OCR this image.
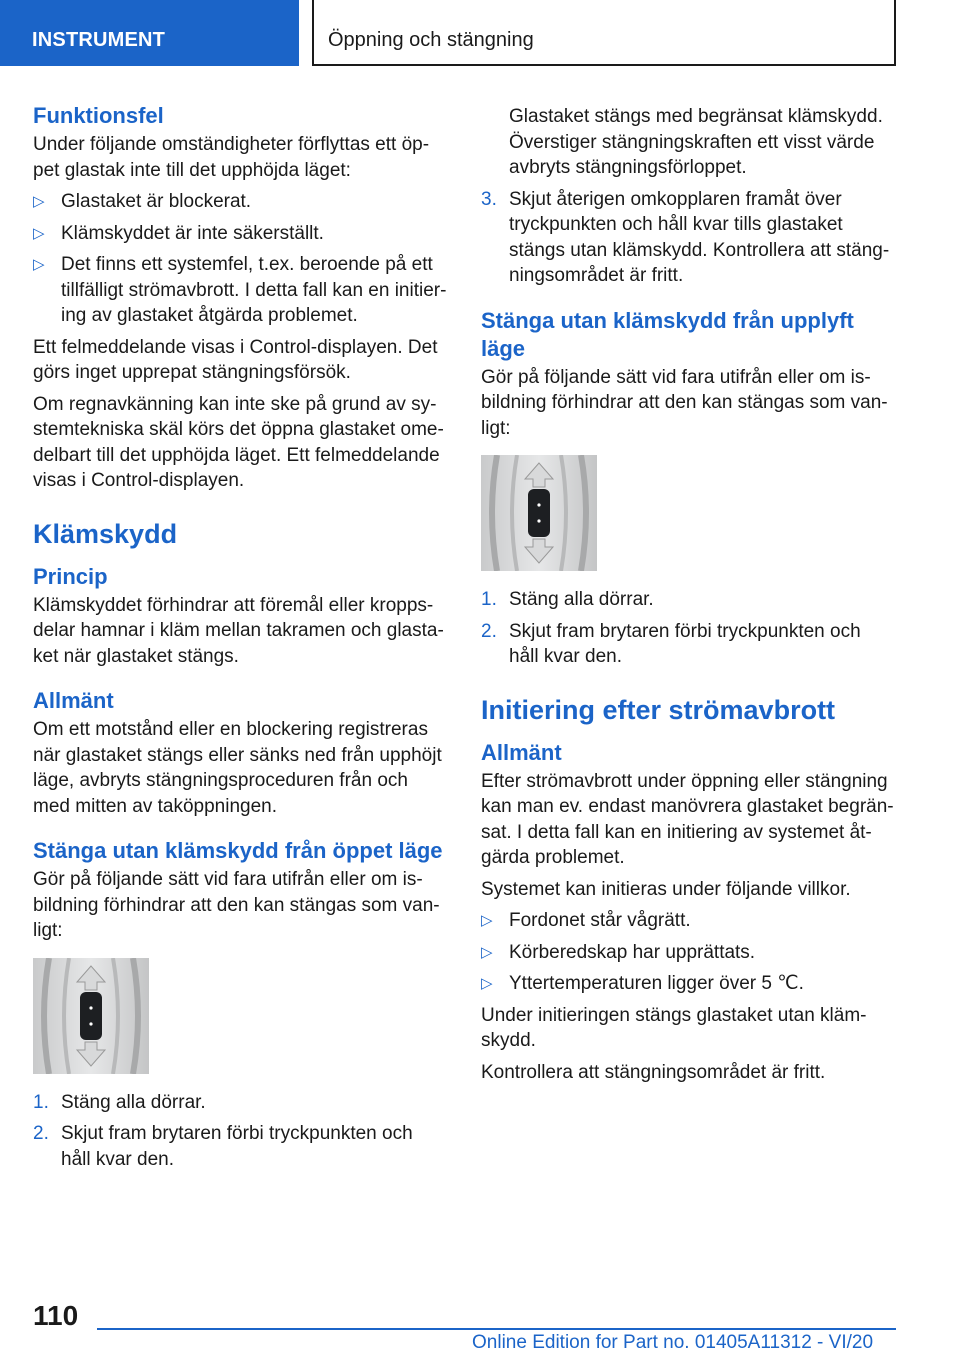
INSTRUMENT	Öppning och stängning
Funktionsfel

Under följande omständigheter förflyttas ett öp-pet glastak inte till det upphöjda läget:

▷ Glastaket är blockerat.
▷ Klämskyddet är inte säkerställt.
▷ Det finns ett systemfel, t.ex. beroende på ett tillfälligt strömavbrott. I detta fall kan en initier-ing av glastaket åtgärda problemet.

Ett felmeddelande visas i Control-displayen. Det görs inget upprepat stängningsförsök.

Om regnavkänning kan inte ske på grund av sy-stemtekniska skäl körs det öppna glastaket ome-delbart till det upphöjda läget. Ett felmeddelande visas i Control-displayen.

Klämskydd
Princip

Klämskyddet förhindrar att föremål eller kropps-delar hamnar i kläm mellan takramen och glasta-ket när glastaket stängs.

Allmänt

Om ett motstånd eller en blockering registreras när glastaket stängs eller sänks ned från upphöjt läge, avbryts stängningsproceduren från och med mitten av taköppningen.

Stänga utan klämskydd från öppet läge

Gör på följande sätt vid fara utifrån eller om is-bildning förhindrar att den kan stängas som van-ligt:

1. Stäng alla dörrar.
2. Skjut fram brytaren förbi tryckpunkten och håll kvar den.
Glastaket stängs med begränsat klämskydd. Överstiger stängningskraften ett visst värde avbryts stängningsförloppet.
3. Skjut återigen omkopplaren framåt över tryckpunkten och håll kvar tills glastaket stängs utan klämskydd. Kontrollera att stäng-ningsområdet är fritt.
Stänga utan klämskydd från upplyft läge

Gör på följande sätt vid fara utifrån eller om is-bildning förhindrar att den kan stängas som van-ligt:

1. Stäng alla dörrar.
2. Skjut fram brytaren förbi tryckpunkten och håll kvar den.
Initiering efter strömavbrott
Allmänt

Efter strömavbrott under öppning eller stängning kan man ev. endast manövrera glastaket begrän-sat. I detta fall kan en initiering av systemet åt-gärda problemet.

Systemet kan initieras under följande villkor.

▷ Fordonet står vågrätt.
▷ Körberedskap har upprättats.
▷ Yttertemperaturen ligger över 5 ℃.

Under initieringen stängs glastaket utan kläm-skydd.

Kontrollera att stängningsområdet är fritt.

110
Online Edition for Part no. 01405A11312 - VI/20
